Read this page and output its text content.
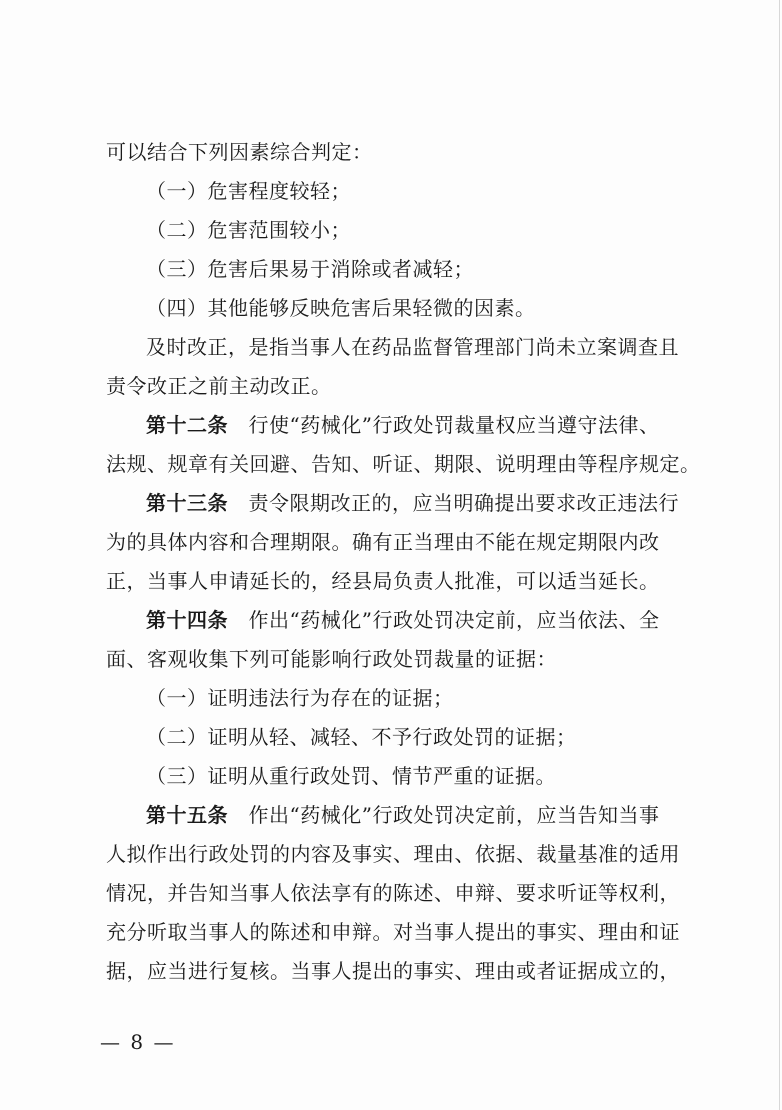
可以结合下列因素综合判定：
（一）危害程度较轻；
（二）危害范围较小；
（三）危害后果易于消除或者减轻；
（四）其他能够反映危害后果轻微的因素。
及时改正，是指当事人在药品监督管理部门尚未立案调查且
责令改正之前主动改正。
第十二条　行使“药械化”行政处罚裁量权应当遵守法律、
法规、规章有关回避、告知、听证、期限、说明理由等程序规定。
第十三条　责令限期改正的，应当明确提出要求改正违法行
为的具体内容和合理期限。确有正当理由不能在规定期限内改
正，当事人申请延长的，经县局负责人批准，可以适当延长。
第十四条　作出“药械化”行政处罚决定前，应当依法、全
面、客观收集下列可能影响行政处罚裁量的证据：
（一）证明违法行为存在的证据；
（二）证明从轻、减轻、不予行政处罚的证据；
（三）证明从重行政处罚、情节严重的证据。
第十五条　作出“药械化”行政处罚决定前，应当告知当事
人拟作出行政处罚的内容及事实、理由、依据、裁量基准的适用
情况，并告知当事人依法享有的陈述、申辩、要求听证等权利，
充分听取当事人的陈述和申辩。对当事人提出的事实、理由和证
据，应当进行复核。当事人提出的事实、理由或者证据成立的，
— 8 —
